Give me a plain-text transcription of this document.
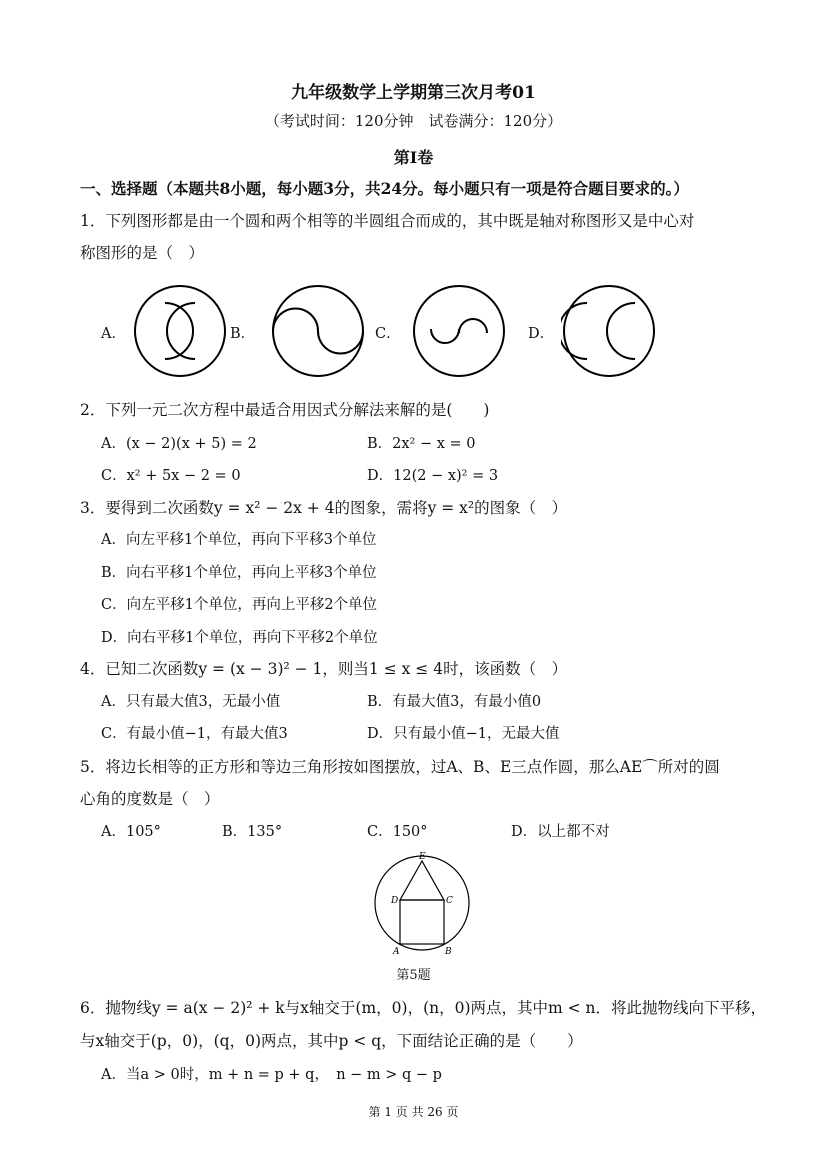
九年级数学上学期第三次月考01
（考试时间：120分钟　试卷满分：120分）
第Ⅰ卷
一、选择题（本题共8小题，每小题3分，共24分。每小题只有一项是符合题目要求的。）
1．下列图形都是由一个圆和两个相等的半圆组合而成的，其中既是轴对称图形又是中心对
称图形的是（　）
A．	B．	C．	D．
2．下列一元二次方程中最适合用因式分解法来解的是(　　)
A．(x − 2)(x + 5) = 2	B．2x² − x = 0
C．x² + 5x − 2 = 0	D．12(2 − x)² = 3
3．要得到二次函数y = x² − 2x + 4的图象，需将y = x²的图象（　）
A．向左平移1个单位，再向下平移3个单位
B．向右平移1个单位，再向上平移3个单位
C．向左平移1个单位，再向上平移2个单位
D．向右平移1个单位，再向下平移2个单位
4．已知二次函数y = (x − 3)² − 1，则当1 ≤ x ≤ 4时，该函数（　）
A．只有最大值3，无最小值	B．有最大值3，有最小值0
C．有最小值−1，有最大值3	D．只有最小值−1，无最大值
5．将边长相等的正方形和等边三角形按如图摆放，过A、B、E三点作圆，那么AE⌒所对的圆
心角的度数是（　）
A．105°	B．135°	C．150°	D．以上都不对
E
D	C
A	B
第5题
6．抛物线y = a(x − 2)² + k与x轴交于(m，0)，(n，0)两点，其中m < n．将此抛物线向下平移，
与x轴交于(p，0)，(q，0)两点，其中p < q，下面结论正确的是（　　）
A．当a > 0时，m + n = p + q，　n − m > q − p
第 1 页 共 26 页
